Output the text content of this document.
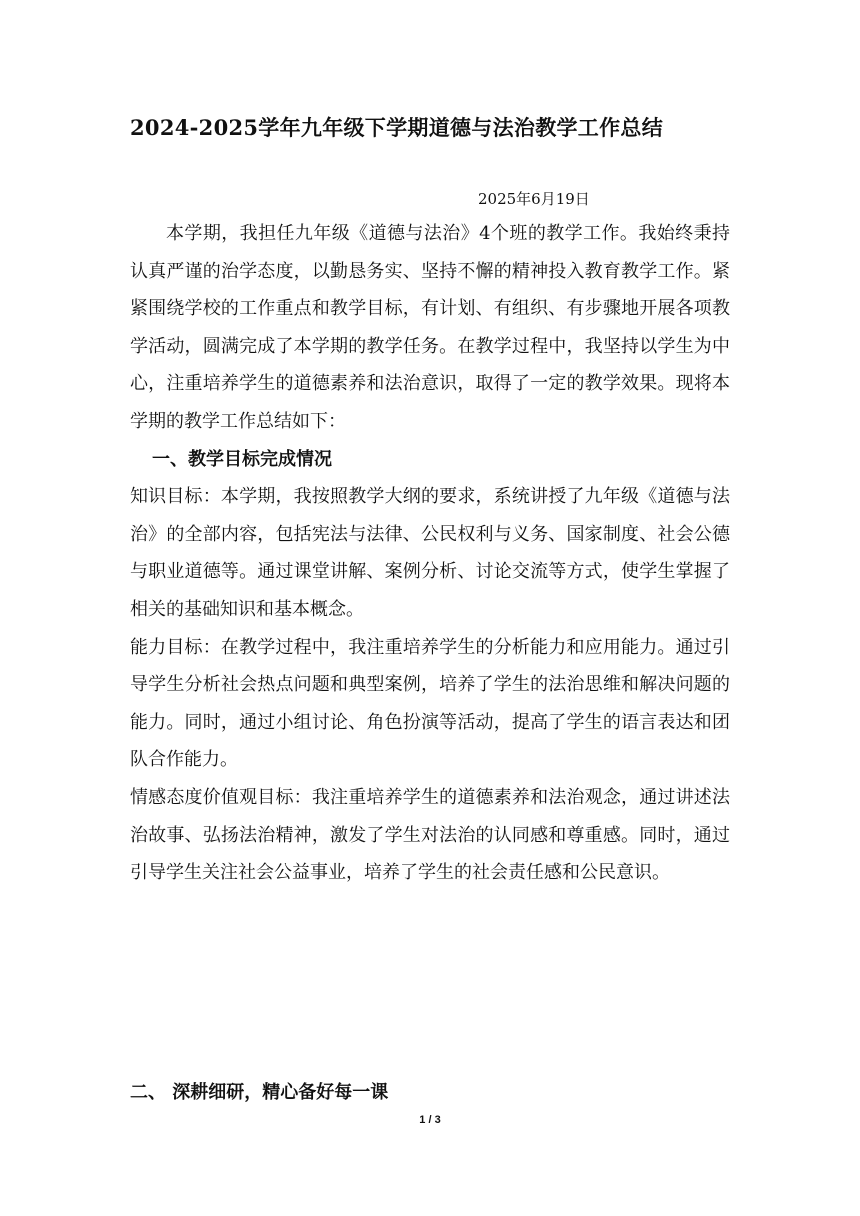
2024-2025学年九年级下学期道德与法治教学工作总结
2025年6月19日

本学期，我担任九年级《道德与法治》4个班的教学工作。我始终秉持认真严谨的治学态度，以勤恳务实、坚持不懈的精神投入教育教学工作。紧紧围绕学校的工作重点和教学目标，有计划、有组织、有步骤地开展各项教学活动，圆满完成了本学期的教学任务。在教学过程中，我坚持以学生为中心，注重培养学生的道德素养和法治意识，取得了一定的教学效果。现将本学期的教学工作总结如下：

一、教学目标完成情况

知识目标：本学期，我按照教学大纲的要求，系统讲授了九年级《道德与法治》的全部内容，包括宪法与法律、公民权利与义务、国家制度、社会公德与职业道德等。通过课堂讲解、案例分析、讨论交流等方式，使学生掌握了相关的基础知识和基本概念。

能力目标：在教学过程中，我注重培养学生的分析能力和应用能力。通过引导学生分析社会热点问题和典型案例，培养了学生的法治思维和解决问题的能力。同时，通过小组讨论、角色扮演等活动，提高了学生的语言表达和团队合作能力。

情感态度价值观目标：我注重培养学生的道德素养和法治观念，通过讲述法治故事、弘扬法治精神，激发了学生对法治的认同感和尊重感。同时，通过引导学生关注社会公益事业，培养了学生的社会责任感和公民意识。

二、 深耕细研，精心备好每一课
1 / 3
